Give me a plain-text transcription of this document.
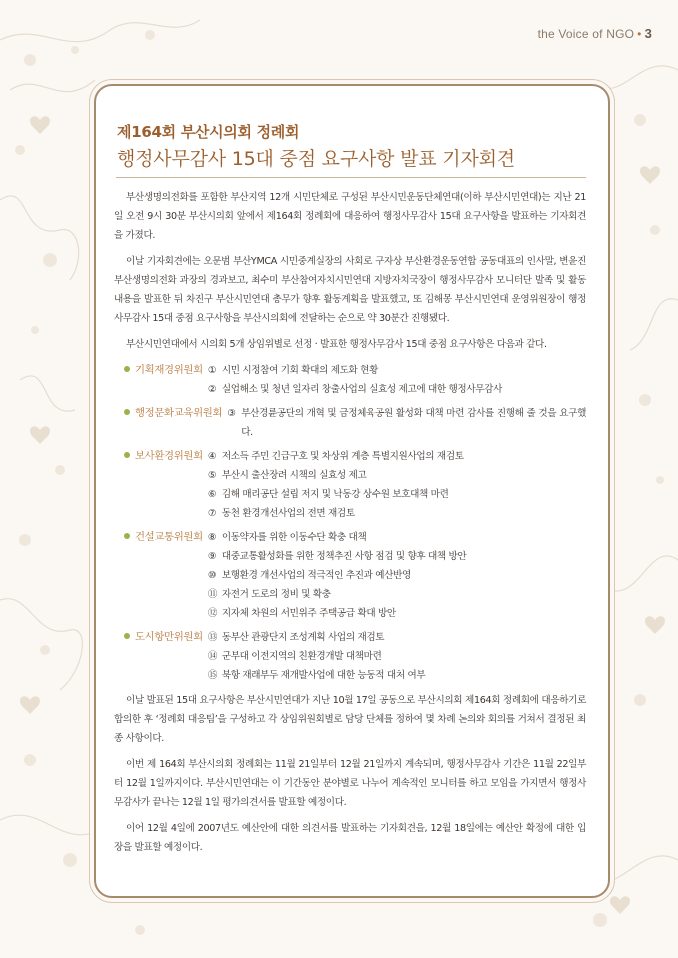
the Voice of NGO • 3
제164회 부산시의회 정례회
행정사무감사 15대 중점 요구사항 발표 기자회견

부산생명의전화를 포함한 부산지역 12개 시민단체로 구성된 부산시민운동단체연대(이하 부산시민연대)는 지난 21일 오전 9시 30분 부산시의회 앞에서 제164회 정례회에 대응하여 행정사무감사 15대 요구사항을 발표하는 기자회견을 가졌다.

이날 기자회견에는 오문범 부산YMCA 시민중계실장의 사회로 구자상 부산환경운동연합 공동대표의 인사말, 변윤진 부산생명의전화 과장의 경과보고, 최수미 부산참여자치시민연대 지방자치국장이 행정사무감사 모니터단 발족 및 활동 내용을 발표한 뒤 차진구 부산시민연대 총무가 향후 활동계획을 발표했고, 또 김해몽 부산시민연대 운영위원장이 행정사무감사 15대 중점 요구사항을 부산시의회에 전달하는 순으로 약 30분간 진행됐다.

부산시민연대에서 시의회 5개 상임위별로 선정 · 발표한 행정사무감사 15대 중점 요구사항은 다음과 같다.

기획재경위원회 ① 시민 시정참여 기회 확대의 제도화 현황
② 실업해소 및 청년 일자리 창출사업의 실효성 제고에 대한 행정사무감사
행정문화교육위원회 ③ 부산경륜공단의 개혁 및 금정체육공원 활성화 대책 마련 감사를 진행해 줄 것을 요구했다.
보사환경위원회 ④ 저소득 주민 긴급구호 및 차상위 계층 특별지원사업의 재검토
⑤ 부산시 출산장려 시책의 실효성 제고
⑥ 김해 매리공단 설립 저지 및 낙동강 상수원 보호대책 마련
⑦ 동천 환경개선사업의 전면 재검토
건설교통위원회 ⑧ 이동약자를 위한 이동수단 확충 대책
⑨ 대중교통활성화를 위한 정책추진 사항 점검 및 향후 대책 방안
⑩ 보행환경 개선사업의 적극적인 추진과 예산반영
⑪ 자전거 도로의 정비 및 확충
⑫ 지자체 차원의 서민위주 주택공급 확대 방안
도시항만위원회 ⑬ 동부산 관광단지 조성계획 사업의 재검토
⑭ 군부대 이전지역의 친환경개발 대책마련
⑮ 북항 재래부두 재개발사업에 대한 능동적 대처 여부

이날 발표된 15대 요구사항은 부산시민연대가 지난 10월 17일 공동으로 부산시의회 제164회 정례회에 대응하기로 합의한 후 ‘정례회 대응팀’을 구성하고 각 상임위원회별로 담당 단체를 정하여 몇 차례 논의와 회의를 거쳐서 결정된 최종 사항이다.

이번 제 164회 부산시의회 정례회는 11월 21일부터 12월 21일까지 계속되며, 행정사무감사 기간은 11월 22일부터 12월 1일까지이다. 부산시민연대는 이 기간동안 분야별로 나누어 계속적인 모니터를 하고 모임을 가지면서 행정사무감사가 끝나는 12월 1일 평가의견서를 발표할 예정이다.

이어 12월 4일에 2007년도 예산안에 대한 의견서를 발표하는 기자회견을, 12월 18일에는 예산안 확정에 대한 입장을 발표할 예정이다.
